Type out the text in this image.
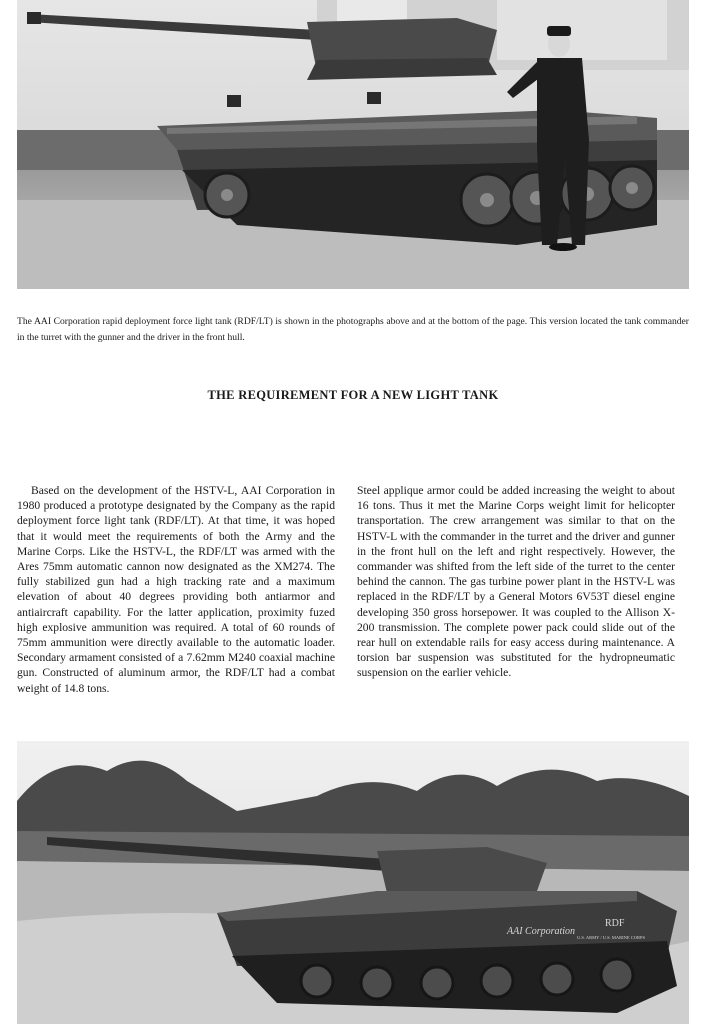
The AAI Corporation rapid deployment force light tank (RDF/LT) is shown in the photographs above and at the bottom of the page. This version located the tank commander in the turret with the gunner and the driver in the front hull.

THE REQUIREMENT FOR A NEW LIGHT TANK

Based on the development of the HSTV-L, AAI Corporation in 1980 produced a prototype designated by the Company as the rapid deployment force light tank (RDF/LT). At that time, it was hoped that it would meet the requirements of both the Army and the Marine Corps. Like the HSTV-L, the RDF/LT was armed with the Ares 75mm automatic cannon now designated as the XM274. The fully stabilized gun had a high tracking rate and a maximum elevation of about 40 degrees providing both antiarmor and antiaircraft capability. For the latter application, proximity fuzed high explosive ammunition was required. A total of 60 rounds of 75mm ammunition were directly available to the automatic loader. Secondary armament consisted of a 7.62mm M240 coaxial machine gun. Constructed of aluminum armor, the RDF/LT had a combat weight of 14.8 tons.

Steel applique armor could be added increasing the weight to about 16 tons. Thus it met the Marine Corps weight limit for helicopter transportation. The crew arrangement was similar to that on the HSTV-L with the commander in the turret and the driver and gunner in the front hull on the left and right respectively. However, the commander was shifted from the left side of the turret to the center behind the cannon. The gas turbine power plant in the HSTV-L was replaced in the RDF/LT by a General Motors 6V53T diesel engine developing 350 gross horsepower. It was coupled to the Allison X-200 transmission. The complete power pack could slide out of the rear hull on extendable rails for easy access during maintenance. A torsion bar suspension was substituted for the hydropneumatic suspension on the earlier vehicle.

AAI Corporation
RDF
U.S. ARMY / U.S. MARINE CORPS
